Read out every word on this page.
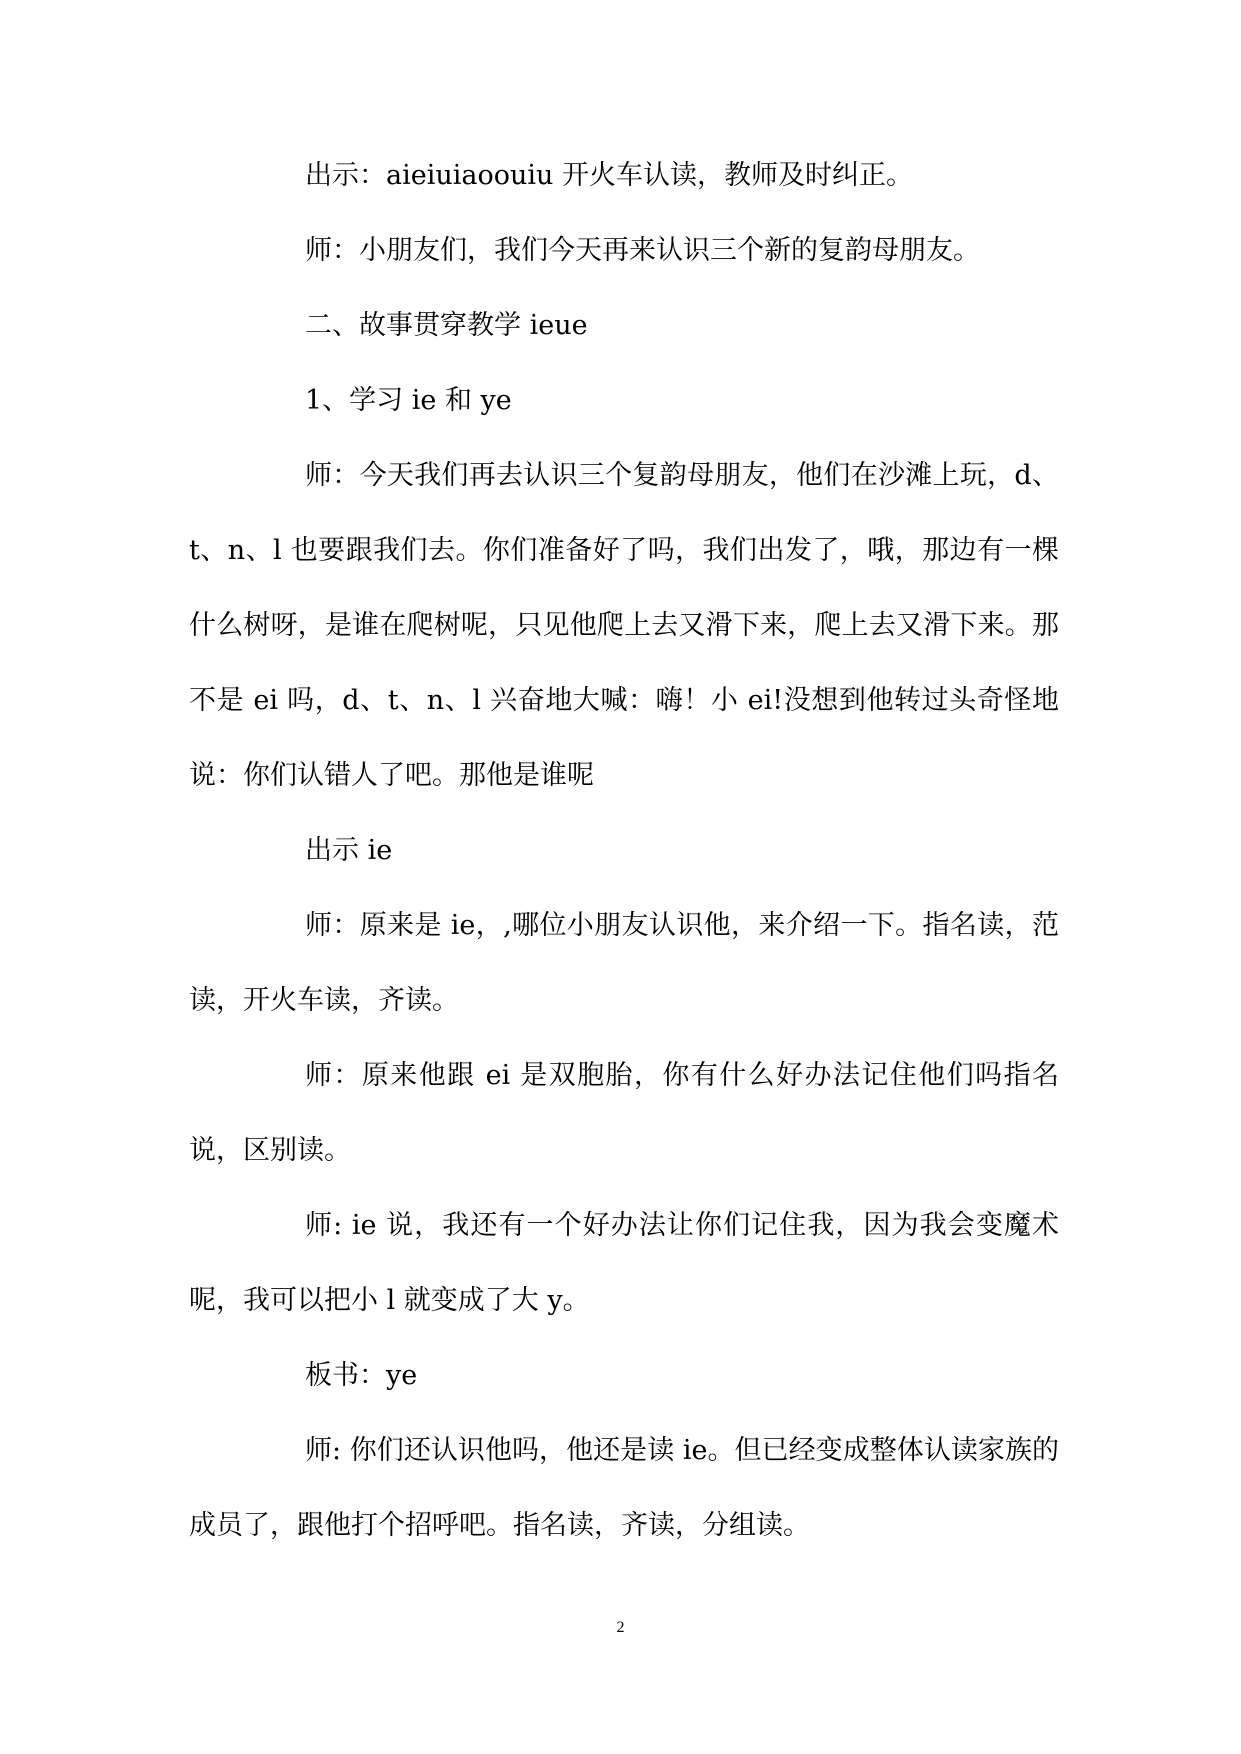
出示：aieiuiaoouiu 开火车认读，教师及时纠正。

师：小朋友们，我们今天再来认识三个新的复韵母朋友。

二、故事贯穿教学 ieue

1、学习 ie 和 ye

师：今天我们再去认识三个复韵母朋友，他们在沙滩上玩，d、t、n、l 也要跟我们去。你们准备好了吗，我们出发了，哦，那边有一棵什么树呀，是谁在爬树呢，只见他爬上去又滑下来，爬上去又滑下来。那不是 ei 吗，d、t、n、l 兴奋地大喊：嗨！小 ei!没想到他转过头奇怪地说：你们认错人了吧。那他是谁呢

出示 ie

师：原来是 ie，,哪位小朋友认识他，来介绍一下。指名读，范读，开火车读，齐读。

师：原来他跟 ei 是双胞胎，你有什么好办法记住他们吗指名说，区别读。

师: ie 说，我还有一个好办法让你们记住我，因为我会变魔术呢，我可以把小 l 就变成了大 y。

板书：ye

师: 你们还认识他吗，他还是读 ie。但已经变成整体认读家族的成员了，跟他打个招呼吧。指名读，齐读，分组读。

2
